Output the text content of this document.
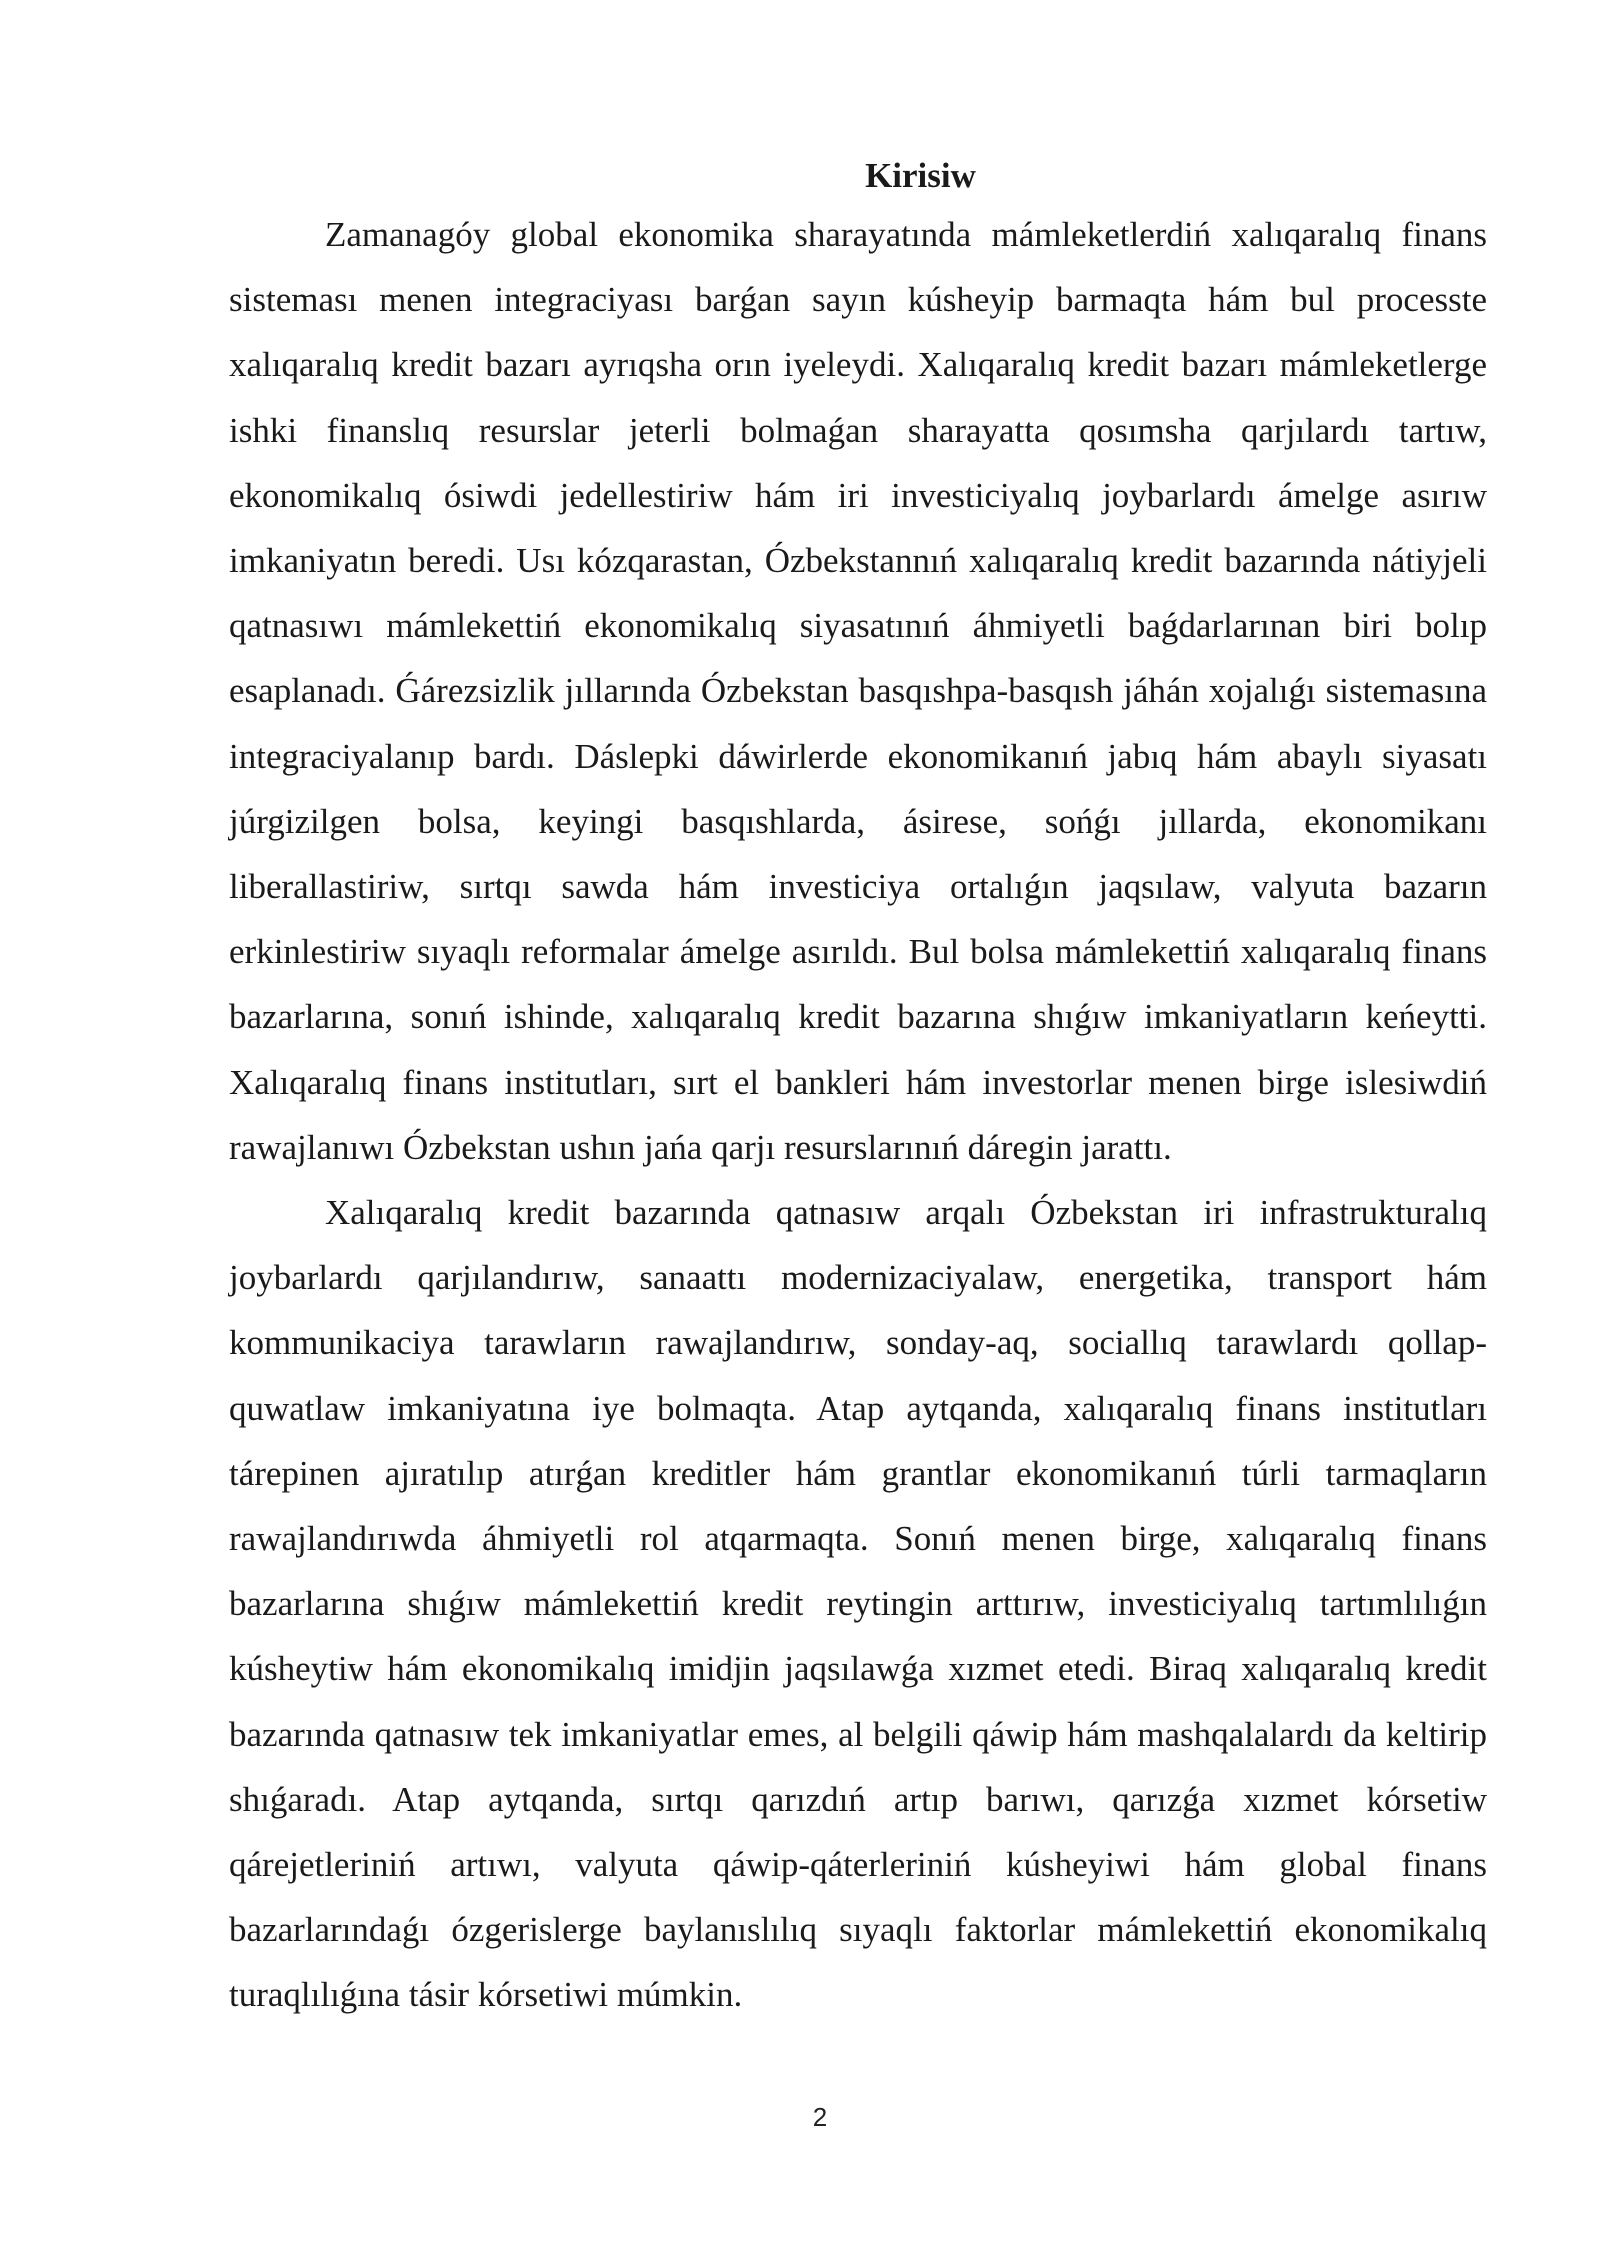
Kirisiw

Zamanagóy global ekonomika sharayatında mámleketlerdiń xalıqaralıq finans sisteması menen integraciyası barǵan sayın kúsheyip barmaqta hám bul processte xalıqaralıq kredit bazarı ayrıqsha orın iyeleydi. Xalıqaralıq kredit bazarı mámleketlerge ishki finanslıq resurslar jeterli bolmaǵan sharayatta qosımsha qarjılardı tartıw, ekonomikalıq ósiwdi jedellestiriw hám iri investiciyalıq joybarlardı ámelge asırıw imkaniyatın beredi. Usı kózqarastan, Ózbekstannıń xalıqaralıq kredit bazarında nátiyjeli qatnasıwı mámlekettiń ekonomikalıq siyasatınıń áhmiyetli baǵdarlarınan biri bolıp esaplanadı. Ǵárezsizlik jıllarında Ózbekstan basqıshpa-basqısh jáhán xojalıǵı sistemasına integraciyalanıp bardı. Dáslepki dáwirlerde ekonomikanıń jabıq hám abaylı siyasatı júrgizilgen bolsa, keyingi basqıshlarda, ásirese, sońǵı jıllarda, ekonomikanı liberallastiriw, sırtqı sawda hám investiciya ortalıǵın jaqsılaw, valyuta bazarın erkinlestiriw sıyaqlı reformalar ámelge asırıldı. Bul bolsa mámlekettiń xalıqaralıq finans bazarlarına, sonıń ishinde, xalıqaralıq kredit bazarına shıǵıw imkaniyatların keńeytti. Xalıqaralıq finans institutları, sırt el bankleri hám investorlar menen birge islesiwdiń rawajlanıwı Ózbekstan ushın jańa qarjı resurslarınıń dáregin jarattı.

Xalıqaralıq kredit bazarında qatnasıw arqalı Ózbekstan iri infrastrukturalıq joybarlardı qarjılandırıw, sanaattı modernizaciyalaw, energetika, transport hám kommunikaciya tarawların rawajlandırıw, sonday-aq, sociallıq tarawlardı qollap-quwatlaw imkaniyatına iye bolmaqta. Atap aytqanda, xalıqaralıq finans institutları tárepinen ajıratılıp atırǵan kreditler hám grantlar ekonomikanıń túrli tarmaqların rawajlandırıwda áhmiyetli rol atqarmaqta. Sonıń menen birge, xalıqaralıq finans bazarlarına shıǵıw mámlekettiń kredit reytingin arttırıw, investiciyalıq tartımlılıǵın kúsheytiw hám ekonomikalıq imidjin jaqsılawǵa xızmet etedi. Biraq xalıqaralıq kredit bazarında qatnasıw tek imkaniyatlar emes, al belgili qáwip hám mashqalalardı da keltirip shıǵaradı. Atap aytqanda, sırtqı qarızdıń artıp barıwı, qarızǵa xızmet kórsetiw qárejetleriniń artıwı, valyuta qáwip-qáterleriniń kúsheyiwi hám global finans bazarlarındaǵı ózgerislerge baylanıslılıq sıyaqlı faktorlar mámlekettiń ekonomikalıq turaqlılıǵına tásir kórsetiwi múmkin.

2
